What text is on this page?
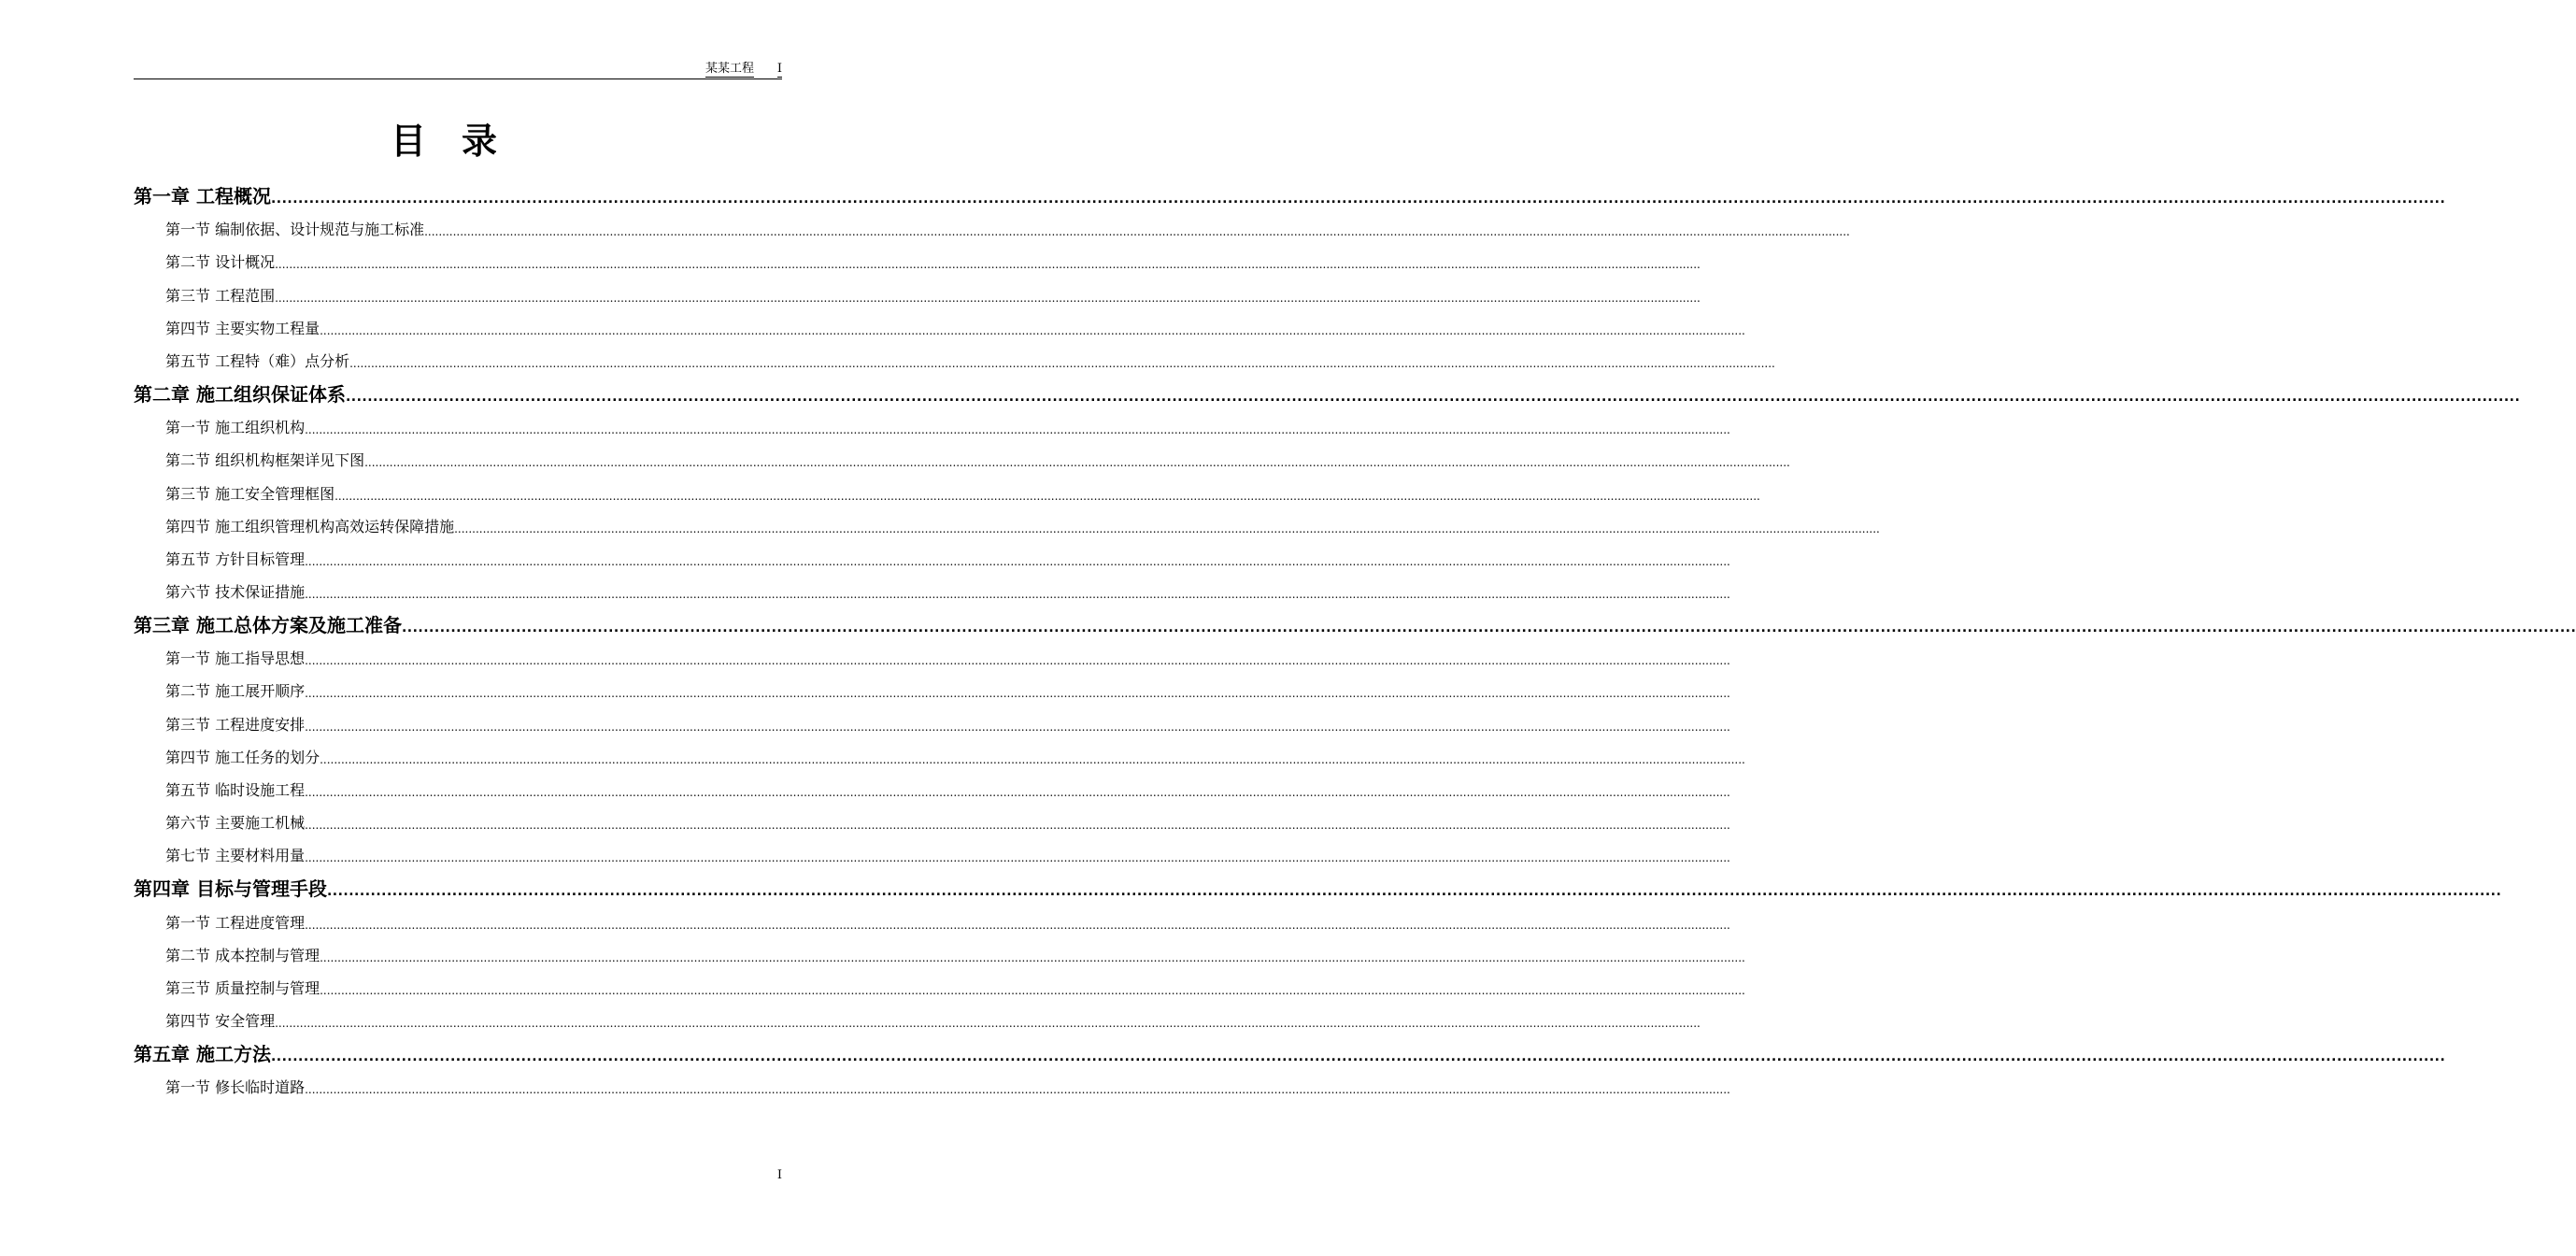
某某工程 I
目录
第一章 工程概况 ................................................................................................................................................................................................................................................................................................................................................................................................................
第一节 编制依据、设计规范与施工标准 ................................................................................................................................................................................................................................................................................................................................................................................................................
第二节 设计概况 ................................................................................................................................................................................................................................................................................................................................................................................................................
第三节 工程范围 ................................................................................................................................................................................................................................................................................................................................................................................................................
第四节 主要实物工程量 ................................................................................................................................................................................................................................................................................................................................................................................................................
第五节 工程特（难）点分析 ................................................................................................................................................................................................................................................................................................................................................................................................................
第二章 施工组织保证体系 ................................................................................................................................................................................................................................................................................................................................................................................................................
第一节 施工组织机构 ................................................................................................................................................................................................................................................................................................................................................................................................................
第二节 组织机构框架详见下图 ................................................................................................................................................................................................................................................................................................................................................................................................................
第三节 施工安全管理框图 ................................................................................................................................................................................................................................................................................................................................................................................................................
第四节 施工组织管理机构高效运转保障措施 ................................................................................................................................................................................................................................................................................................................................................................................................................
第五节 方针目标管理 ................................................................................................................................................................................................................................................................................................................................................................................................................
第六节 技术保证措施 ................................................................................................................................................................................................................................................................................................................................................................................................................
第三章 施工总体方案及施工准备 ................................................................................................................................................................................................................................................................................................................................................................................................................
第一节 施工指导思想 ................................................................................................................................................................................................................................................................................................................................................................................................................
第二节 施工展开顺序 ................................................................................................................................................................................................................................................................................................................................................................................................................
第三节 工程进度安排 ................................................................................................................................................................................................................................................................................................................................................................................................................
第四节 施工任务的划分 ................................................................................................................................................................................................................................................................................................................................................................................................................
第五节 临时设施工程 ................................................................................................................................................................................................................................................................................................................................................................................................................
第六节 主要施工机械 ................................................................................................................................................................................................................................................................................................................................................................................................................
第七节 主要材料用量 ................................................................................................................................................................................................................................................................................................................................................................................................................
第四章 目标与管理手段 ................................................................................................................................................................................................................................................................................................................................................................................................................
第一节 工程进度管理 ................................................................................................................................................................................................................................................................................................................................................................................................................
第二节 成本控制与管理 ................................................................................................................................................................................................................................................................................................................................................................................................................
第三节 质量控制与管理 ................................................................................................................................................................................................................................................................................................................................................................................................................
第四节 安全管理 ................................................................................................................................................................................................................................................................................................................................................................................................................
第五章 施工方法 ................................................................................................................................................................................................................................................................................................................................................................................................................
第一节 修长临时道路 ................................................................................................................................................................................................................................................................................................................................................................................................................
I
